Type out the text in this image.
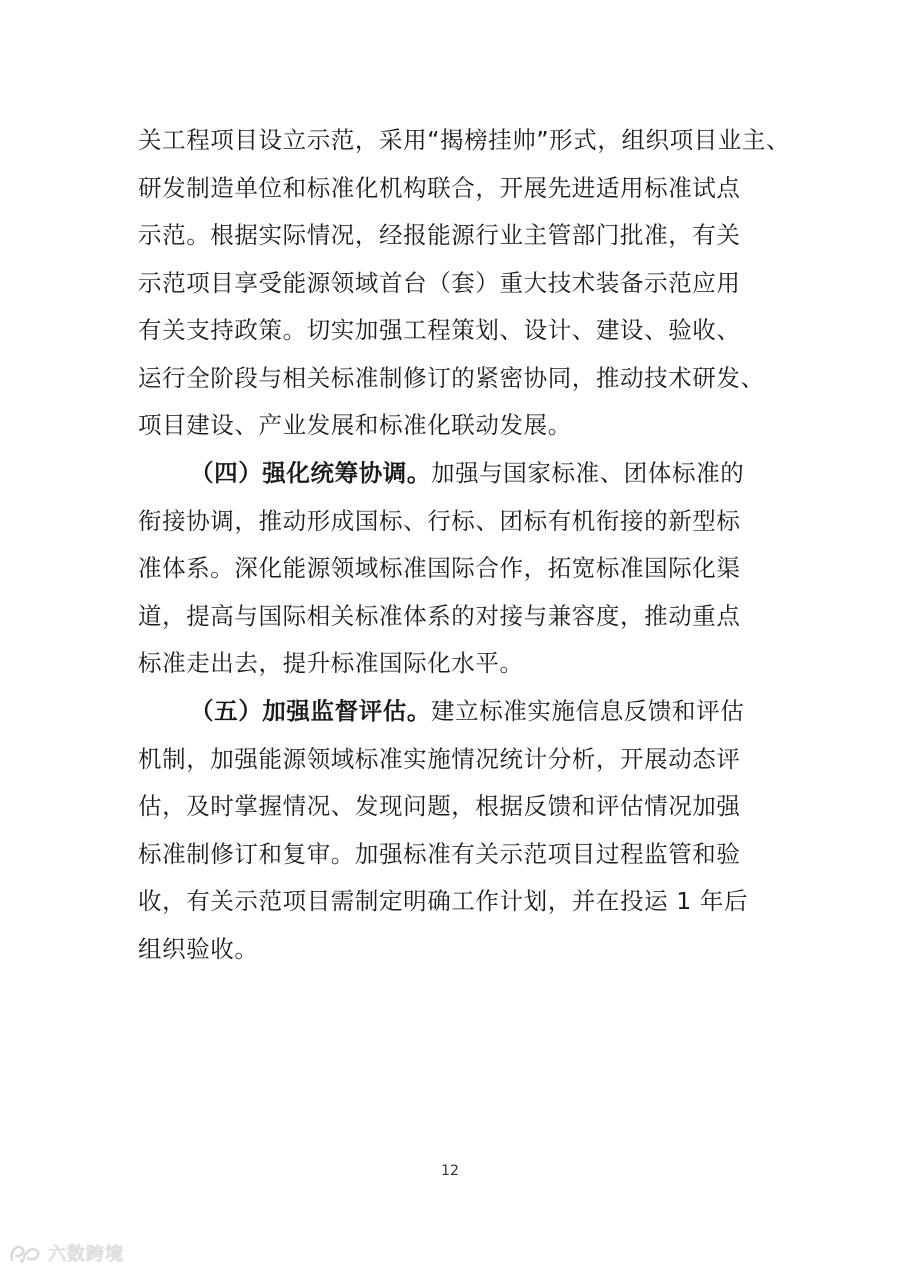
关工程项目设立示范，采用“揭榜挂帅”形式，组织项目业主、
研发制造单位和标准化机构联合，开展先进适用标准试点
示范。根据实际情况，经报能源行业主管部门批准，有关
示范项目享受能源领域首台（套）重大技术装备示范应用
有关支持政策。切实加强工程策划、设计、建设、验收、
运行全阶段与相关标准制修订的紧密协同，推动技术研发、
项目建设、产业发展和标准化联动发展。
（四）强化统筹协调。加强与国家标准、团体标准的
衔接协调，推动形成国标、行标、团标有机衔接的新型标
准体系。深化能源领域标准国际合作，拓宽标准国际化渠
道，提高与国际相关标准体系的对接与兼容度，推动重点
标准走出去，提升标准国际化水平。
（五）加强监督评估。建立标准实施信息反馈和评估
机制，加强能源领域标准实施情况统计分析，开展动态评
估，及时掌握情况、发现问题，根据反馈和评估情况加强
标准制修订和复审。加强标准有关示范项目过程监管和验
收，有关示范项目需制定明确工作计划，并在投运 1 年后
组织验收。
12
六数跨境
